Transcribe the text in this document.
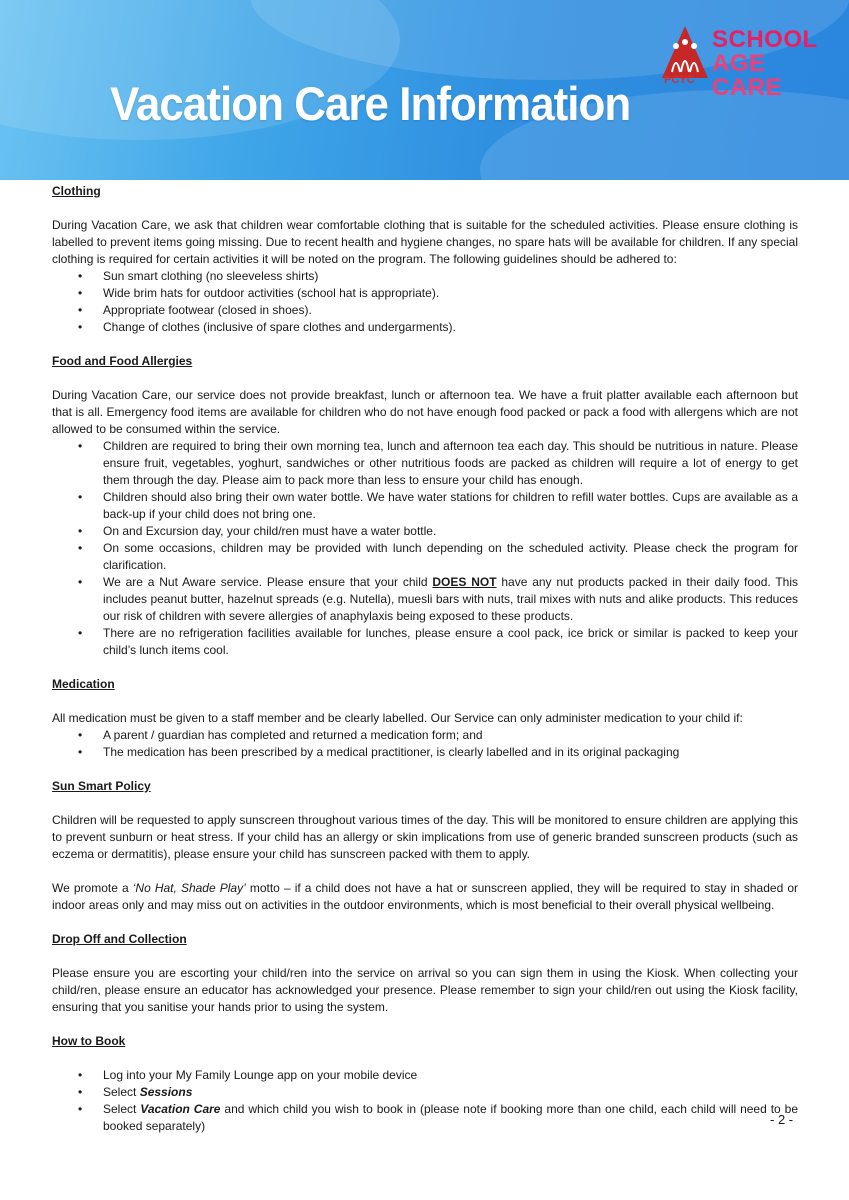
Vacation Care Information
SCHOOL
AGE CARE
PCYC

Clothing

During Vacation Care, we ask that children wear comfortable clothing that is suitable for the scheduled activities. Please ensure clothing is labelled to prevent items going missing. Due to recent health and hygiene changes, no spare hats will be available for children. If any special clothing is required for certain activities it will be noted on the program. The following guidelines should be adhered to:

• Sun smart clothing (no sleeveless shirts)
• Wide brim hats for outdoor activities (school hat is appropriate).
• Appropriate footwear (closed in shoes).
• Change of clothes (inclusive of spare clothes and undergarments).

Food and Food Allergies

During Vacation Care, our service does not provide breakfast, lunch or afternoon tea. We have a fruit platter available each afternoon but that is all. Emergency food items are available for children who do not have enough food packed or pack a food with allergens which are not allowed to be consumed within the service.

• Children are required to bring their own morning tea, lunch and afternoon tea each day. This should be nutritious in nature. Please ensure fruit, vegetables, yoghurt, sandwiches or other nutritious foods are packed as children will require a lot of energy to get them through the day. Please aim to pack more than less to ensure your child has enough.
• Children should also bring their own water bottle. We have water stations for children to refill water bottles. Cups are available as a back-up if your child does not bring one.
• On and Excursion day, your child/ren must have a water bottle.
• On some occasions, children may be provided with lunch depending on the scheduled activity. Please check the program for clarification.
• We are a Nut Aware service. Please ensure that your child DOES NOT have any nut products packed in their daily food. This includes peanut butter, hazelnut spreads (e.g. Nutella), muesli bars with nuts, trail mixes with nuts and alike products. This reduces our risk of children with severe allergies of anaphylaxis being exposed to these products.
• There are no refrigeration facilities available for lunches, please ensure a cool pack, ice brick or similar is packed to keep your child’s lunch items cool.

Medication

All medication must be given to a staff member and be clearly labelled. Our Service can only administer medication to your child if:

• A parent / guardian has completed and returned a medication form; and
• The medication has been prescribed by a medical practitioner, is clearly labelled and in its original packaging

Sun Smart Policy

Children will be requested to apply sunscreen throughout various times of the day. This will be monitored to ensure children are applying this to prevent sunburn or heat stress. If your child has an allergy or skin implications from use of generic branded sunscreen products (such as eczema or dermatitis), please ensure your child has sunscreen packed with them to apply.

We promote a ‘No Hat, Shade Play’ motto – if a child does not have a hat or sunscreen applied, they will be required to stay in shaded or indoor areas only and may miss out on activities in the outdoor environments, which is most beneficial to their overall physical wellbeing.

Drop Off and Collection

Please ensure you are escorting your child/ren into the service on arrival so you can sign them in using the Kiosk. When collecting your child/ren, please ensure an educator has acknowledged your presence. Please remember to sign your child/ren out using the Kiosk facility, ensuring that you sanitise your hands prior to using the system.

How to Book

• Log into your My Family Lounge app on your mobile device
• Select Sessions
• Select Vacation Care and which child you wish to book in (please note if booking more than one child, each child will need to be booked separately)	- 2 -
